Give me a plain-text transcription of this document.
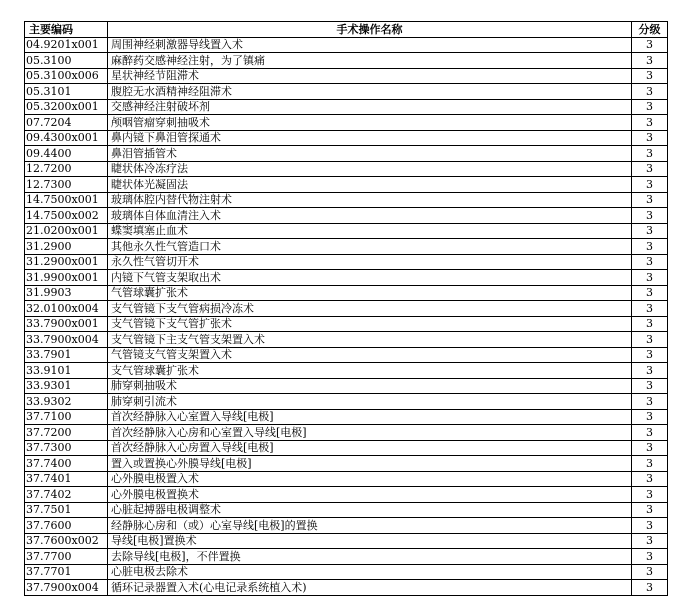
主要编码	手术操作名称	分级
04.9201x001	周围神经刺激器导线置入术	3
05.3100	麻醉药交感神经注射，为了镇痛	3
05.3100x006	星状神经节阻滞术	3
05.3101	腹腔无水酒精神经阻滞术	3
05.3200x001	交感神经注射破坏剂	3
07.7204	颅咽管瘤穿刺抽吸术	3
09.4300x001	鼻内镜下鼻泪管探通术	3
09.4400	鼻泪管插管术	3
12.7200	睫状体冷冻疗法	3
12.7300	睫状体光凝固法	3
14.7500x001	玻璃体腔内替代物注射术	3
14.7500x002	玻璃体自体血清注入术	3
21.0200x001	蝶窦填塞止血术	3
31.2900	其他永久性气管造口术	3
31.2900x001	永久性气管切开术	3
31.9900x001	内镜下气管支架取出术	3
31.9903	气管球囊扩张术	3
32.0100x004	支气管镜下支气管病损冷冻术	3
33.7900x001	支气管镜下支气管扩张术	3
33.7900x004	支气管镜下主支气管支架置入术	3
33.7901	气管镜支气管支架置入术	3
33.9101	支气管球囊扩张术	3
33.9301	肺穿刺抽吸术	3
33.9302	肺穿刺引流术	3
37.7100	首次经静脉入心室置入导线[电极]	3
37.7200	首次经静脉入心房和心室置入导线[电极]	3
37.7300	首次经静脉入心房置入导线[电极]	3
37.7400	置入或置换心外膜导线[电极]	3
37.7401	心外膜电极置入术	3
37.7402	心外膜电极置换术	3
37.7501	心脏起搏器电极调整术	3
37.7600	经静脉心房和（或）心室导线[电极]的置换	3
37.7600x002	导线[电极]置换术	3
37.7700	去除导线[电极]，不伴置换	3
37.7701	心脏电极去除术	3
37.7900x004	循环记录器置入术(心电记录系统植入术)	3
